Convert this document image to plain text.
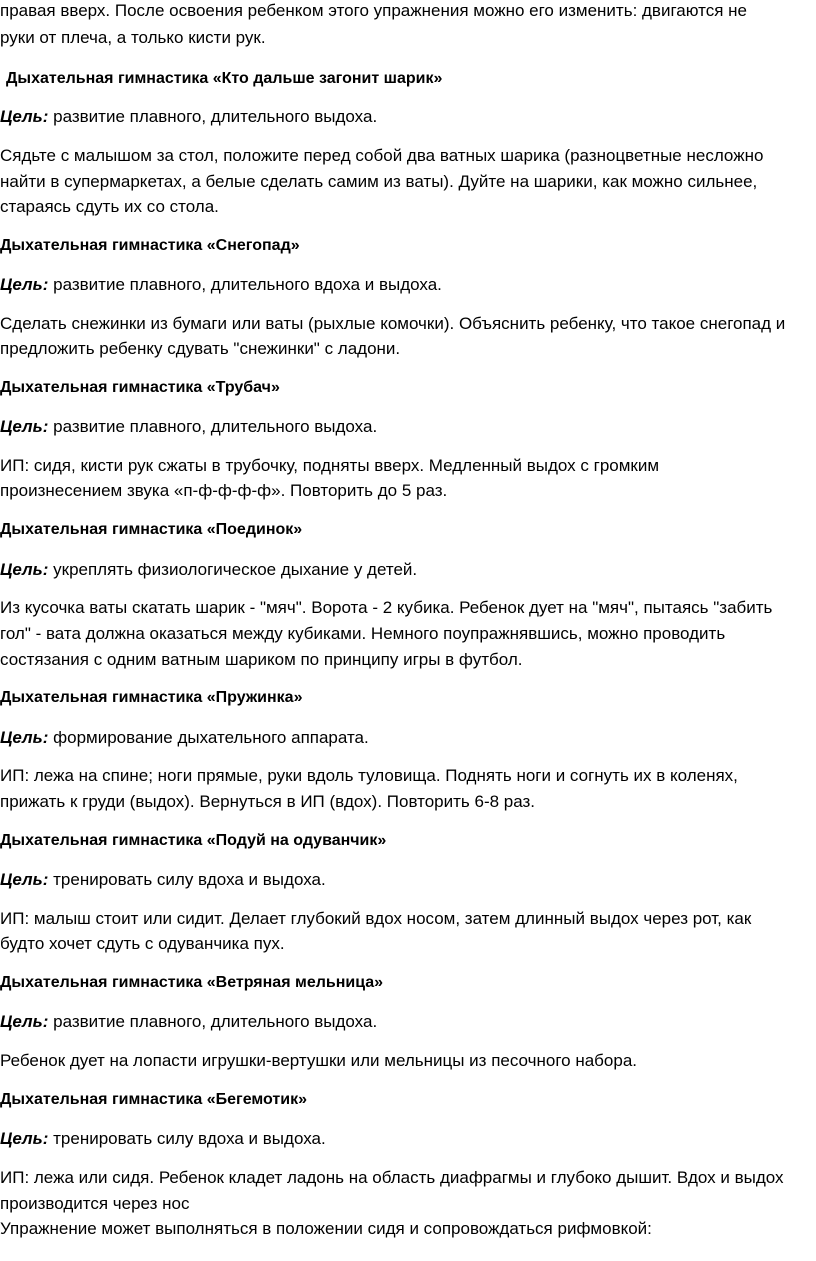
правая вверх. После освоения ребенком этого упражнения можно его изменить: двигаются не
руки от плеча, а только кисти рук.
Дыхательная гимнастика «Кто дальше загонит шарик»
Цель: развитие плавного, длительного выдоха.
Сядьте с малышом за стол, положите перед собой два ватных шарика (разноцветные несложно
найти в супермаркетах, а белые сделать самим из ваты). Дуйте на шарики, как можно сильнее,
стараясь сдуть их со стола.
Дыхательная гимнастика «Снегопад»
Цель: развитие плавного, длительного вдоха и выдоха.
Сделать снежинки из бумаги или ваты (рыхлые комочки). Объяснить ребенку, что такое снегопад и
предложить ребенку сдувать "снежинки" с ладони.
Дыхательная гимнастика «Трубач»
Цель: развитие плавного, длительного выдоха.
ИП: сидя, кисти рук сжаты в трубочку, подняты вверх. Медленный выдох с громким
произнесением звука «п-ф-ф-ф-ф». Повторить до 5 раз.
Дыхательная гимнастика «Поединок»
Цель: укреплять физиологическое дыхание у детей.
Из кусочка ваты скатать шарик - "мяч". Ворота - 2 кубика. Ребенок дует на "мяч", пытаясь "забить
гол" - вата должна оказаться между кубиками. Немного поупражнявшись, можно проводить
состязания с одним ватным шариком по принципу игры в футбол.
Дыхательная гимнастика «Пружинка»
Цель: формирование дыхательного аппарата.
ИП: лежа на спине; ноги прямые, руки вдоль туловища. Поднять ноги и согнуть их в коленях,
прижать к груди (выдох). Вернуться в ИП (вдох). Повторить 6-8 раз.
Дыхательная гимнастика «Подуй на одуванчик»
Цель: тренировать силу вдоха и выдоха.
ИП: малыш стоит или сидит. Делает глубокий вдох носом, затем длинный выдох через рот, как
будто хочет сдуть с одуванчика пух.
Дыхательная гимнастика «Ветряная мельница»
Цель: развитие плавного, длительного выдоха.
Ребенок дует на лопасти игрушки-вертушки или мельницы из песочного набора.
Дыхательная гимнастика «Бегемотик»
Цель: тренировать силу вдоха и выдоха.
ИП: лежа или сидя. Ребенок кладет ладонь на область диафрагмы и глубоко дышит. Вдох и выдох
производится через нос
Упражнение может выполняться в положении сидя и сопровождаться рифмовкой:
